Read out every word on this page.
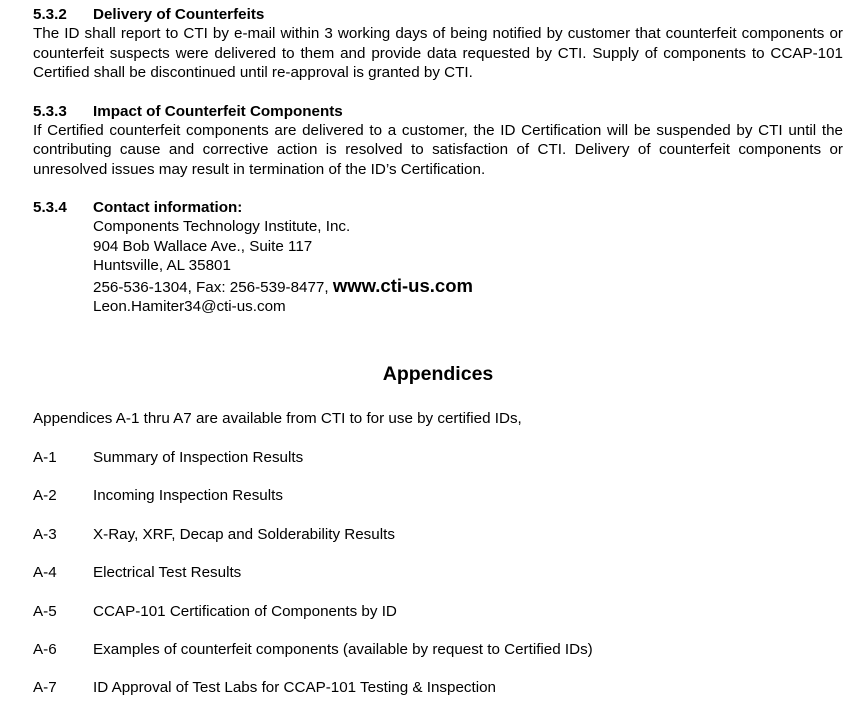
5.3.2	Delivery of Counterfeits

The ID shall report to CTI by e-mail within 3 working days of being notified by customer that counterfeit components or counterfeit suspects were delivered to them and provide data requested by CTI. Supply of components to CCAP-101 Certified shall be discontinued until re-approval is granted by CTI.

5.3.3	Impact of Counterfeit Components

If Certified counterfeit components are delivered to a customer, the ID Certification will be suspended by CTI until the contributing cause and corrective action is resolved to satisfaction of CTI. Delivery of counterfeit components or unresolved issues may result in termination of the ID’s Certification.

5.3.4	Contact information:
Components Technology Institute, Inc.
904 Bob Wallace Ave., Suite 117
Huntsville, AL 35801
256-536-1304, Fax: 256-539-8477, www.cti-us.com
Leon.Hamiter34@cti-us.com
Appendices
Appendices A-1 thru A7 are available from CTI to for use by certified IDs,
A-1	Summary of Inspection Results
A-2	Incoming Inspection Results
A-3	X-Ray, XRF, Decap and Solderability Results
A-4	Electrical Test Results
A-5	CCAP-101 Certification of Components by ID
A-6	Examples of counterfeit components (available by request to Certified IDs)
A-7	ID Approval of Test Labs for CCAP-101 Testing & Inspection
